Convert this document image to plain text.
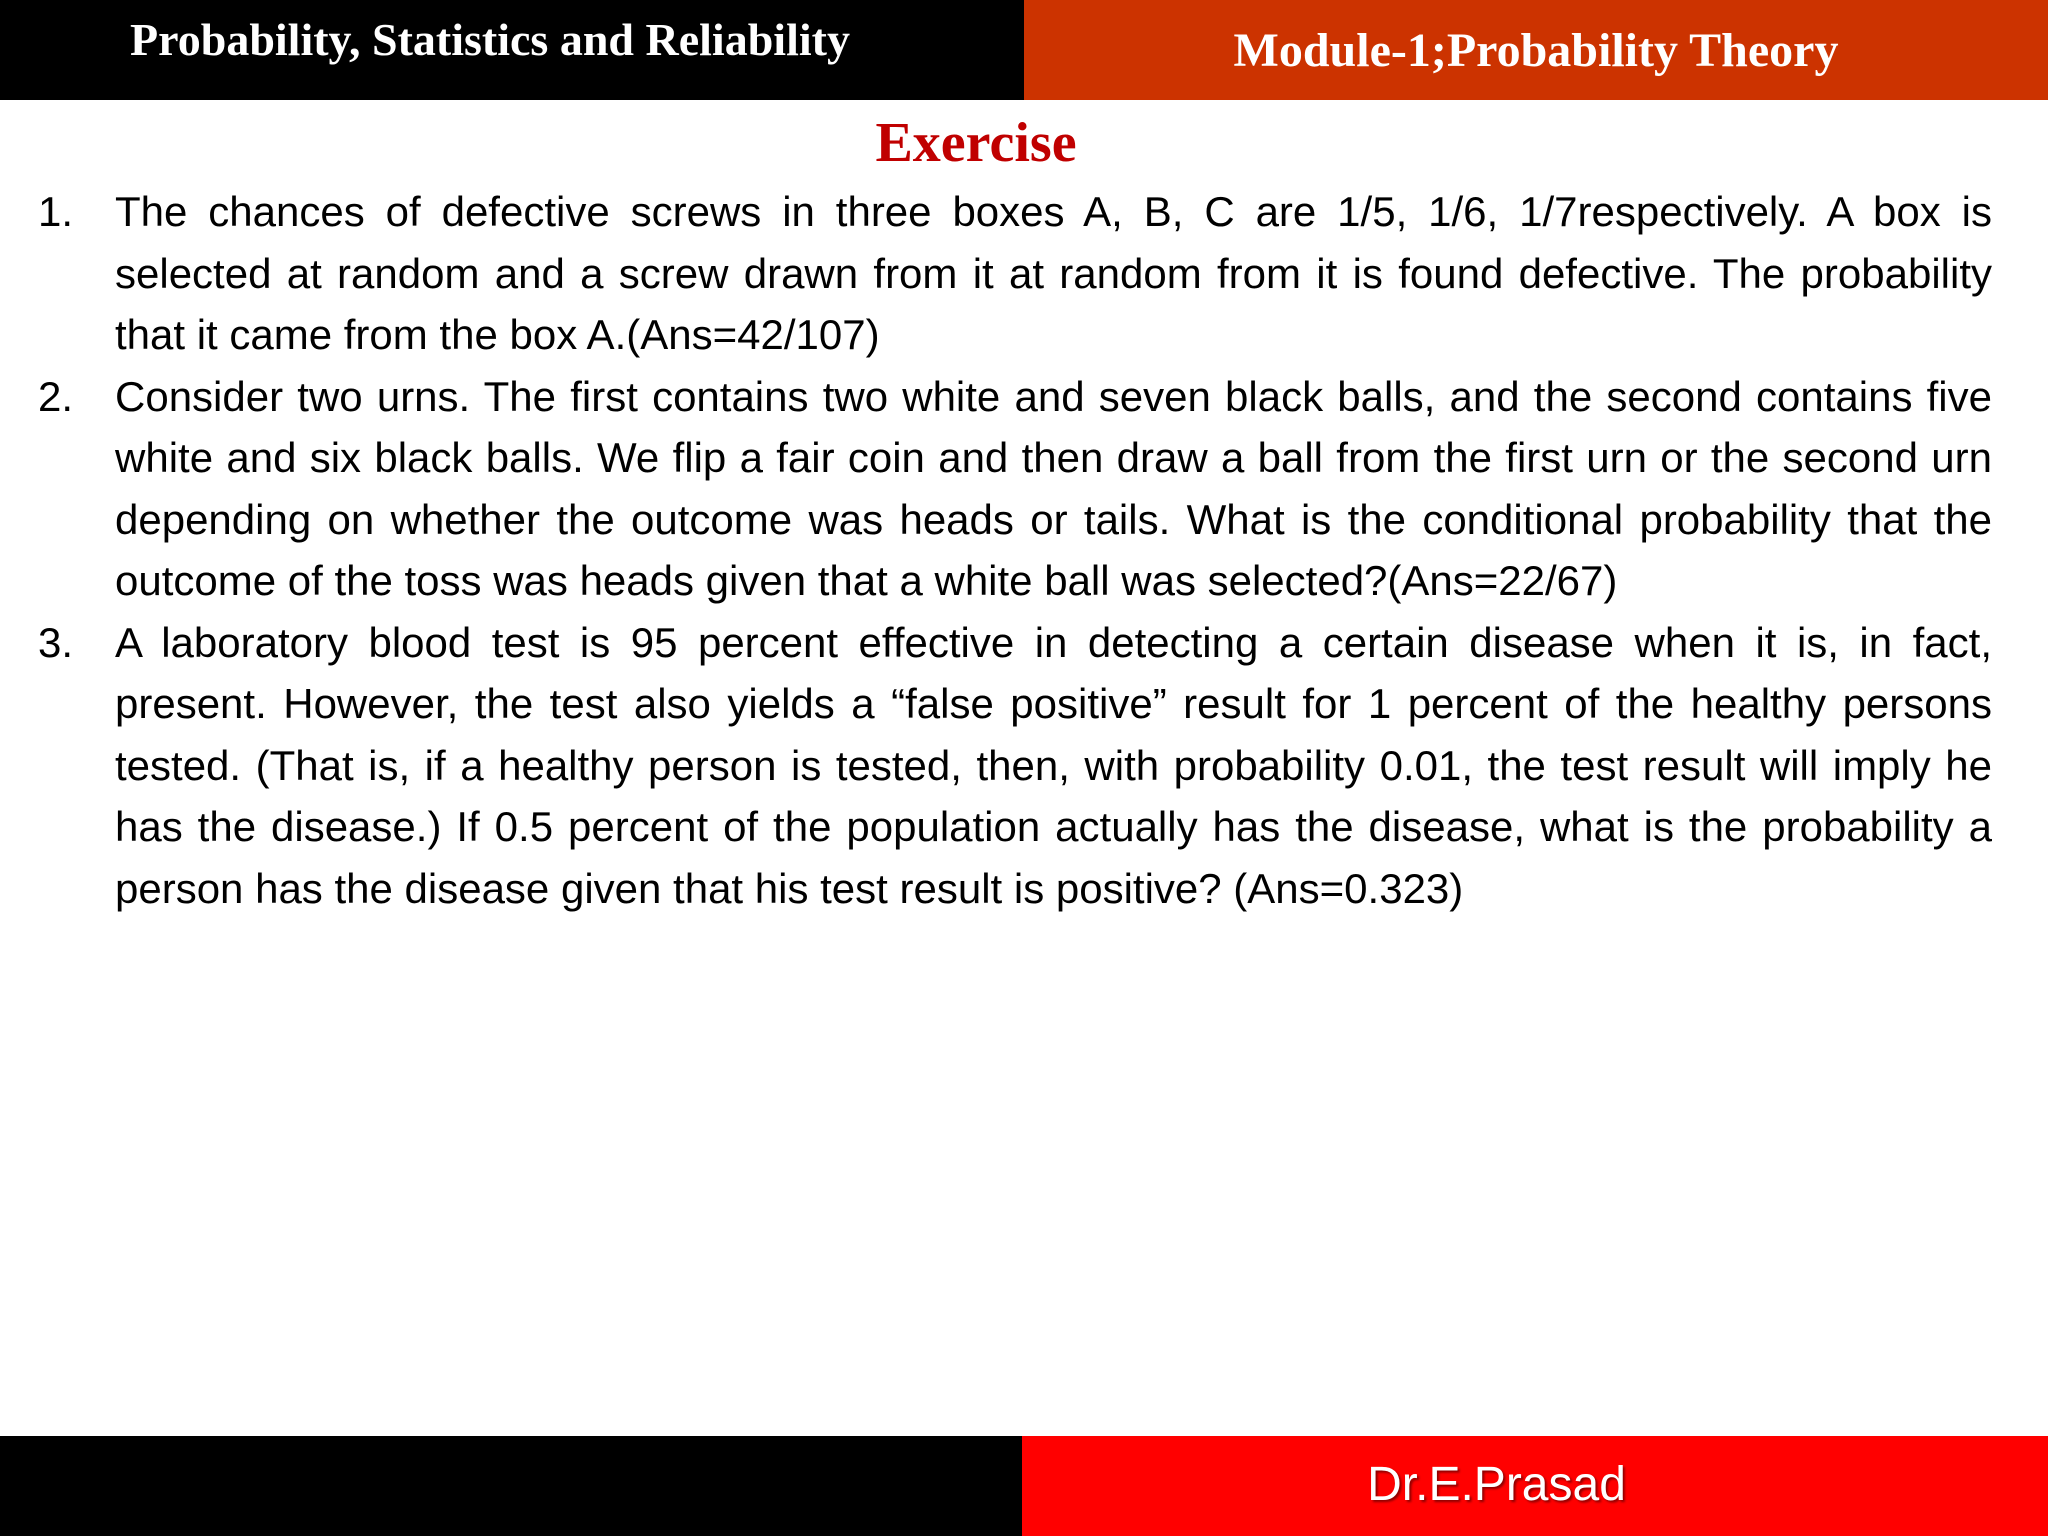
Probability, Statistics and Reliability	Module-1;Probability Theory
Exercise
1. The chances of defective screws in three boxes A, B, C are 1/5, 1/6, 1/7respectively. A box is selected at random and a screw drawn from it at random from it is found defective. The probability that it came from the box A.(Ans=42/107)
2. Consider two urns. The first contains two white and seven black balls, and the second contains five white and six black balls. We flip a fair coin and then draw a ball from the first urn or the second urn depending on whether the outcome was heads or tails. What is the conditional probability that the outcome of the toss was heads given that a white ball was selected?(Ans=22/67)
3. A laboratory blood test is 95 percent effective in detecting a certain disease when it is, in fact, present. However, the test also yields a “false positive” result for 1 percent of the healthy persons tested. (That is, if a healthy person is tested, then, with probability 0.01, the test result will imply he has the disease.) If 0.5 percent of the population actually has the disease, what is the probability a person has the disease given that his test result is positive? (Ans=0.323)
Dr.E.Prasad
